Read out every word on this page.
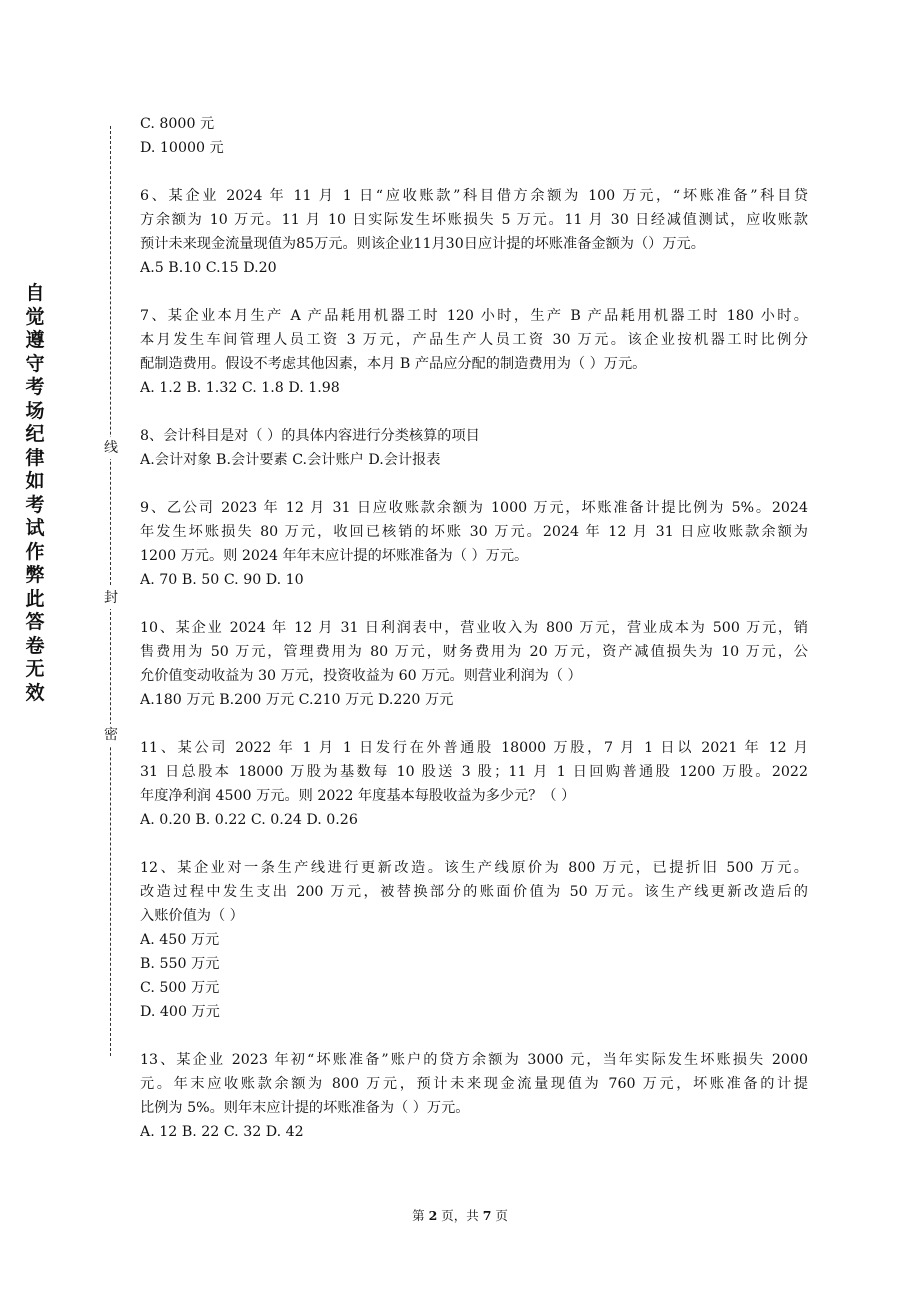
自觉遵守考场纪律如考试作弊此答卷无效
线
封
密
C. 8000 元
D. 10000 元
6、某企业 2024 年 11 月 1 日“应收账款”科目借方余额为 100 万元，“坏账准备”科目贷
方余额为 10 万元。11 月 10 日实际发生坏账损失 5 万元。11 月 30 日经减值测试，应收账款
预计未来现金流量现值为85万元。则该企业11月30日应计提的坏账准备金额为（）万元。
A.5 B.10 C.15 D.20
7、某企业本月生产 A 产品耗用机器工时 120 小时，生产 B 产品耗用机器工时 180 小时。
本月发生车间管理人员工资 3 万元，产品生产人员工资 30 万元。该企业按机器工时比例分
配制造费用。假设不考虑其他因素，本月 B 产品应分配的制造费用为（ ）万元。
A. 1.2 B. 1.32 C. 1.8 D. 1.98
8、会计科目是对（ ）的具体内容进行分类核算的项目
A.会计对象 B.会计要素 C.会计账户 D.会计报表
9、乙公司 2023 年 12 月 31 日应收账款余额为 1000 万元，坏账准备计提比例为 5%。2024
年发生坏账损失 80 万元，收回已核销的坏账 30 万元。2024 年 12 月 31 日应收账款余额为
1200 万元。则 2024 年年末应计提的坏账准备为（ ）万元。
A. 70 B. 50 C. 90 D. 10
10、某企业 2024 年 12 月 31 日利润表中，营业收入为 800 万元，营业成本为 500 万元，销
售费用为 50 万元，管理费用为 80 万元，财务费用为 20 万元，资产减值损失为 10 万元，公
允价值变动收益为 30 万元，投资收益为 60 万元。则营业利润为（ ）
A.180 万元 B.200 万元 C.210 万元 D.220 万元
11、某公司 2022 年 1 月 1 日发行在外普通股 18000 万股，7 月 1 日以 2021 年 12 月
31 日总股本 18000 万股为基数每 10 股送 3 股；11 月 1 日回购普通股 1200 万股。2022
年度净利润 4500 万元。则 2022 年度基本每股收益为多少元？（ ）
A. 0.20 B. 0.22 C. 0.24 D. 0.26
12、某企业对一条生产线进行更新改造。该生产线原价为 800 万元，已提折旧 500 万元。
改造过程中发生支出 200 万元，被替换部分的账面价值为 50 万元。该生产线更新改造后的
入账价值为（ ）
A. 450 万元
B. 550 万元
C. 500 万元
D. 400 万元
13、某企业 2023 年初“坏账准备”账户的贷方余额为 3000 元，当年实际发生坏账损失 2000
元。年末应收账款余额为 800 万元，预计未来现金流量现值为 760 万元，坏账准备的计提
比例为 5%。则年末应计提的坏账准备为（ ）万元。
A. 12 B. 22 C. 32 D. 42
第 2 页，共 7 页
